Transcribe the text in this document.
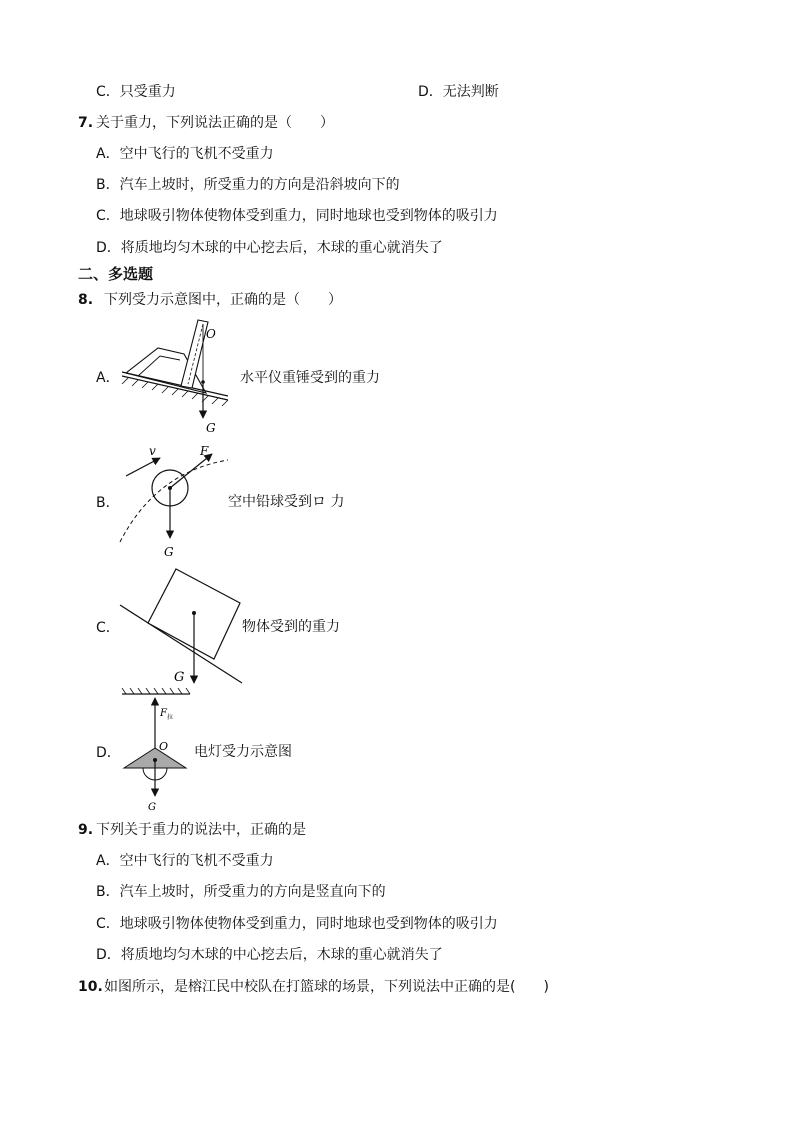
C．只受重力	D．无法判断
7. 关于重力，下列说法正确的是（　　）
A．空中飞行的飞机不受重力
B．汽车上坡时，所受重力的方向是沿斜坡向下的
C．地球吸引物体使物体受到重力，同时地球也受到物体的吸引力
D．将质地均匀木球的中心挖去后，木球的重心就消失了
二、多选题
8. 下列受力示意图中，正确的是（　　）
A．
O
G
水平仪重锤受到的重力
B．
v	F
G
空中铅球受到ロ 力
C．
G
物体受到的重力
D．
$F_拉$
O
G
电灯受力示意图
9. 下列关于重力的说法中，正确的是
A．空中飞行的飞机不受重力
B．汽车上坡时，所受重力的方向是竖直向下的
C．地球吸引物体使物体受到重力，同时地球也受到物体的吸引力
D．将质地均匀木球的中心挖去后，木球的重心就消失了
10. 如图所示，是榕江民中校队在打篮球的场景，下列说法中正确的是(　　)
